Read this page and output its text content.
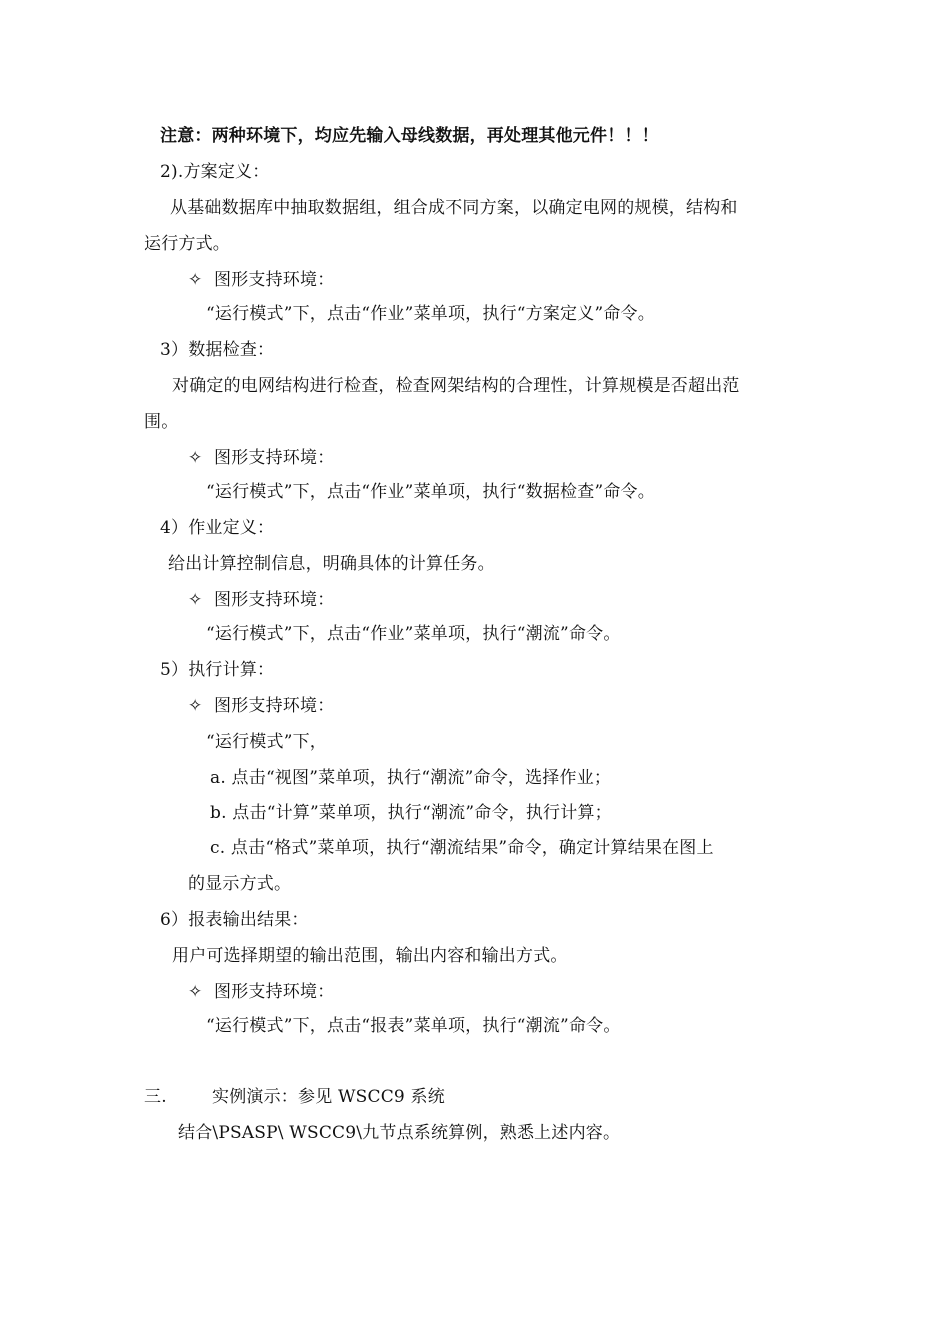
注意：两种环境下，均应先输入母线数据，再处理其他元件！！！
2).方案定义：
从基础数据库中抽取数据组，组合成不同方案，以确定电网的规模，结构和
运行方式。
✧ 图形支持环境：
“运行模式”下，点击“作业”菜单项，执行“方案定义”命令。
3）数据检查：
对确定的电网结构进行检查，检查网架结构的合理性，计算规模是否超出范
围。
✧ 图形支持环境：
“运行模式”下，点击“作业”菜单项，执行“数据检查”命令。
4）作业定义：
给出计算控制信息，明确具体的计算任务。
✧ 图形支持环境：
“运行模式”下，点击“作业”菜单项，执行“潮流”命令。
5）执行计算：
✧ 图形支持环境：
“运行模式”下，
a. 点击“视图”菜单项，执行“潮流”命令，选择作业；
b. 点击“计算”菜单项，执行“潮流”命令，执行计算；
c. 点击“格式”菜单项，执行“潮流结果”命令，确定计算结果在图上
的显示方式。
6）报表输出结果：
用户可选择期望的输出范围，输出内容和输出方式。
✧ 图形支持环境：
“运行模式”下，点击“报表”菜单项，执行“潮流”命令。
三.	实例演示：参见 WSCC9 系统
结合\PSASP\ WSCC9\九节点系统算例，熟悉上述内容。
